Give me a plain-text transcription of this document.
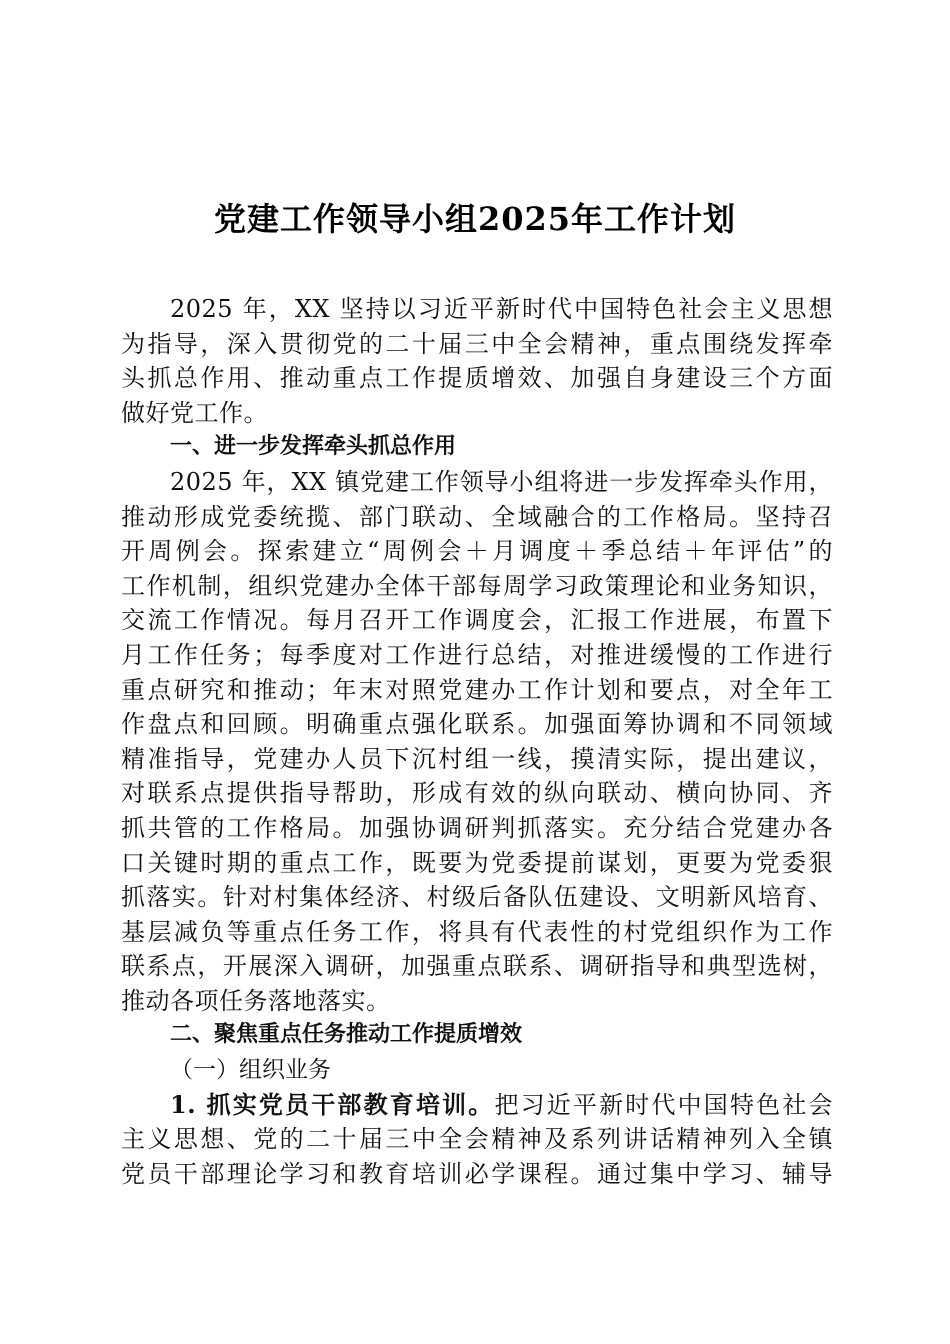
党建工作领导小组2025年工作计划
2025 年，XX 坚持以习近平新时代中国特色社会主义思想
为指导，深入贯彻党的二十届三中全会精神，重点围绕发挥牵
头抓总作用、推动重点工作提质增效、加强自身建设三个方面
做好党工作。
一、进一步发挥牵头抓总作用
2025 年，XX 镇党建工作领导小组将进一步发挥牵头作用，
推动形成党委统揽、部门联动、全域融合的工作格局。坚持召
开周例会。探索建立“周例会＋月调度＋季总结＋年评估”的
工作机制，组织党建办全体干部每周学习政策理论和业务知识，
交流工作情况。每月召开工作调度会，汇报工作进展，布置下
月工作任务；每季度对工作进行总结，对推进缓慢的工作进行
重点研究和推动；年末对照党建办工作计划和要点，对全年工
作盘点和回顾。明确重点强化联系。加强面筹协调和不同领域
精准指导，党建办人员下沉村组一线，摸清实际，提出建议，
对联系点提供指导帮助，形成有效的纵向联动、横向协同、齐
抓共管的工作格局。加强协调研判抓落实。充分结合党建办各
口关键时期的重点工作，既要为党委提前谋划，更要为党委狠
抓落实。针对村集体经济、村级后备队伍建设、文明新风培育、
基层减负等重点任务工作，将具有代表性的村党组织作为工作
联系点，开展深入调研，加强重点联系、调研指导和典型选树，
推动各项任务落地落实。
二、聚焦重点任务推动工作提质增效
（一）组织业务
1. 抓实党员干部教育培训。把习近平新时代中国特色社会
主义思想、党的二十届三中全会精神及系列讲话精神列入全镇
党员干部理论学习和教育培训必学课程。通过集中学习、辅导
